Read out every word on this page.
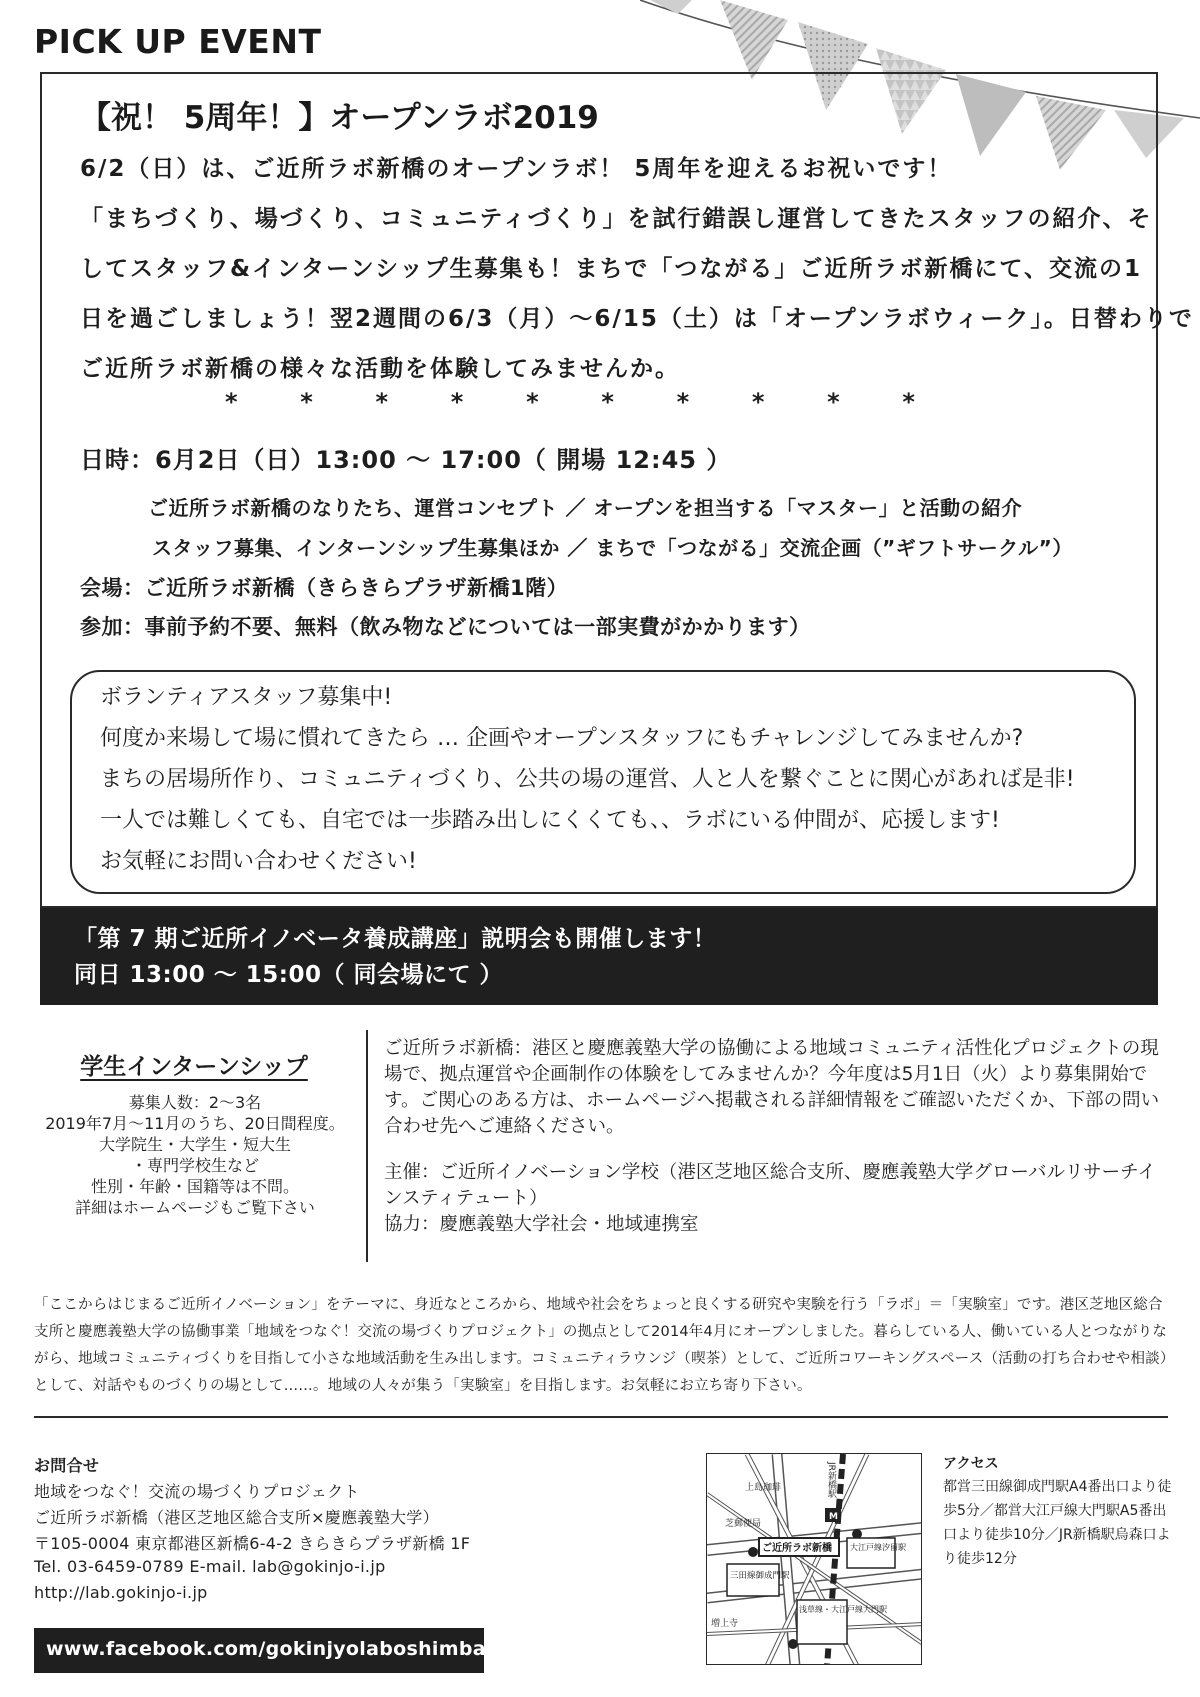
PICK UP EVENT
【祝！ 5周年！】オープンラボ2019
6/2（日）は、ご近所ラボ新橋のオープンラボ！ 5周年を迎えるお祝いです！
「まちづくり、場づくり、コミュニティづくり」を試行錯誤し運営してきたスタッフの紹介、そ
してスタッフ&インターンシップ生募集も！まちで「つながる」ご近所ラボ新橋にて、交流の1
日を過ごしましょう！翌2週間の6/3（月）〜6/15（土）は「オープンラボウィーク」。日替わりで
ご近所ラボ新橋の様々な活動を体験してみませんか。
*	*	*	*	*	*	*	*	*	*
日時：6月2日（日）13:00 〜 17:00（ 開場 12:45 ）
ご近所ラボ新橋のなりたち、運営コンセプト ／ オープンを担当する「マスター」と活動の紹介
スタッフ募集、インターンシップ生募集ほか ／ まちで「つながる」交流企画（”ギフトサークル”）
会場：ご近所ラボ新橋（きらきらプラザ新橋1階）
参加：事前予約不要、無料（飲み物などについては一部実費がかかります）
ボランティアスタッフ募集中!
何度か来場して場に慣れてきたら … 企画やオープンスタッフにもチャレンジしてみませんか?
まちの居場所作り、コミュニティづくり、公共の場の運営、人と人を繋ぐことに関心があれば是非!
一人では難しくても、自宅では一歩踏み出しにくくても、、ラボにいる仲間が、応援します!
お気軽にお問い合わせください!
「第 7 期ご近所イノベータ養成講座」説明会も開催します！
同日 13:00 〜 15:00（ 同会場にて ）
学生インターンシップ
募集人数：2〜3名
2019年7月〜11月のうち、20日間程度。
大学院生・大学生・短大生
・専門学校生など
性別・年齢・国籍等は不問。
詳細はホームページもご覧下さい
ご近所ラボ新橋：港区と慶應義塾大学の協働による地域コミュニティ活性化プロジェクトの現場で、拠点運営や企画制作の体験をしてみませんか？今年度は5月1日（火）より募集開始です。ご関心のある方は、ホームページへ掲載される詳細情報をご確認いただくか、下部の問い合わせ先へご連絡ください。
主催：ご近所イノベーション学校（港区芝地区総合支所、慶應義塾大学グローバルリサーチインスティテュート）
協力：慶應義塾大学社会・地域連携室
「ここからはじまるご近所イノベーション」をテーマに、身近なところから、地域や社会をちょっと良くする研究や実験を行う「ラボ」＝「実験室」です。港区芝地区総合支所と慶應義塾大学の協働事業「地域をつなぐ！交流の場づくりプロジェクト」の拠点として2014年4月にオープンしました。暮らしている人、働いている人とつながりながら、地域コミュニティづくりを目指して小さな地域活動を生み出します。コミュニティラウンジ（喫茶）として、ご近所コワーキングスペース（活動の打ち合わせや相談）として、対話やものづくりの場として……。地域の人々が集う「実験室」を目指します。お気軽にお立ち寄り下さい。
お問合せ
地域をつなぐ！交流の場づくりプロジェクト
ご近所ラボ新橋（港区芝地区総合支所×慶應義塾大学）
〒105-0004 東京都港区新橋6-4-2 きらきらプラザ新橋 1F
Tel. 03-6459-0789 E-mail. lab@gokinjo-i.jp
http://lab.gokinjo-i.jp
www.facebook.com/gokinjyolaboshimbashi
JR新橋駅
上島珈琲
芝郵便局
ご近所ラボ新橋 大江戸線汐留駅
三田線御成門駅
浅草線・大江戸線大門駅
増上寺
M
アクセス
都営三田線御成門駅A4番出口より徒歩5分／都営大江戸線大門駅A5番出口より徒歩10分／JR新橋駅烏森口より徒歩12分
